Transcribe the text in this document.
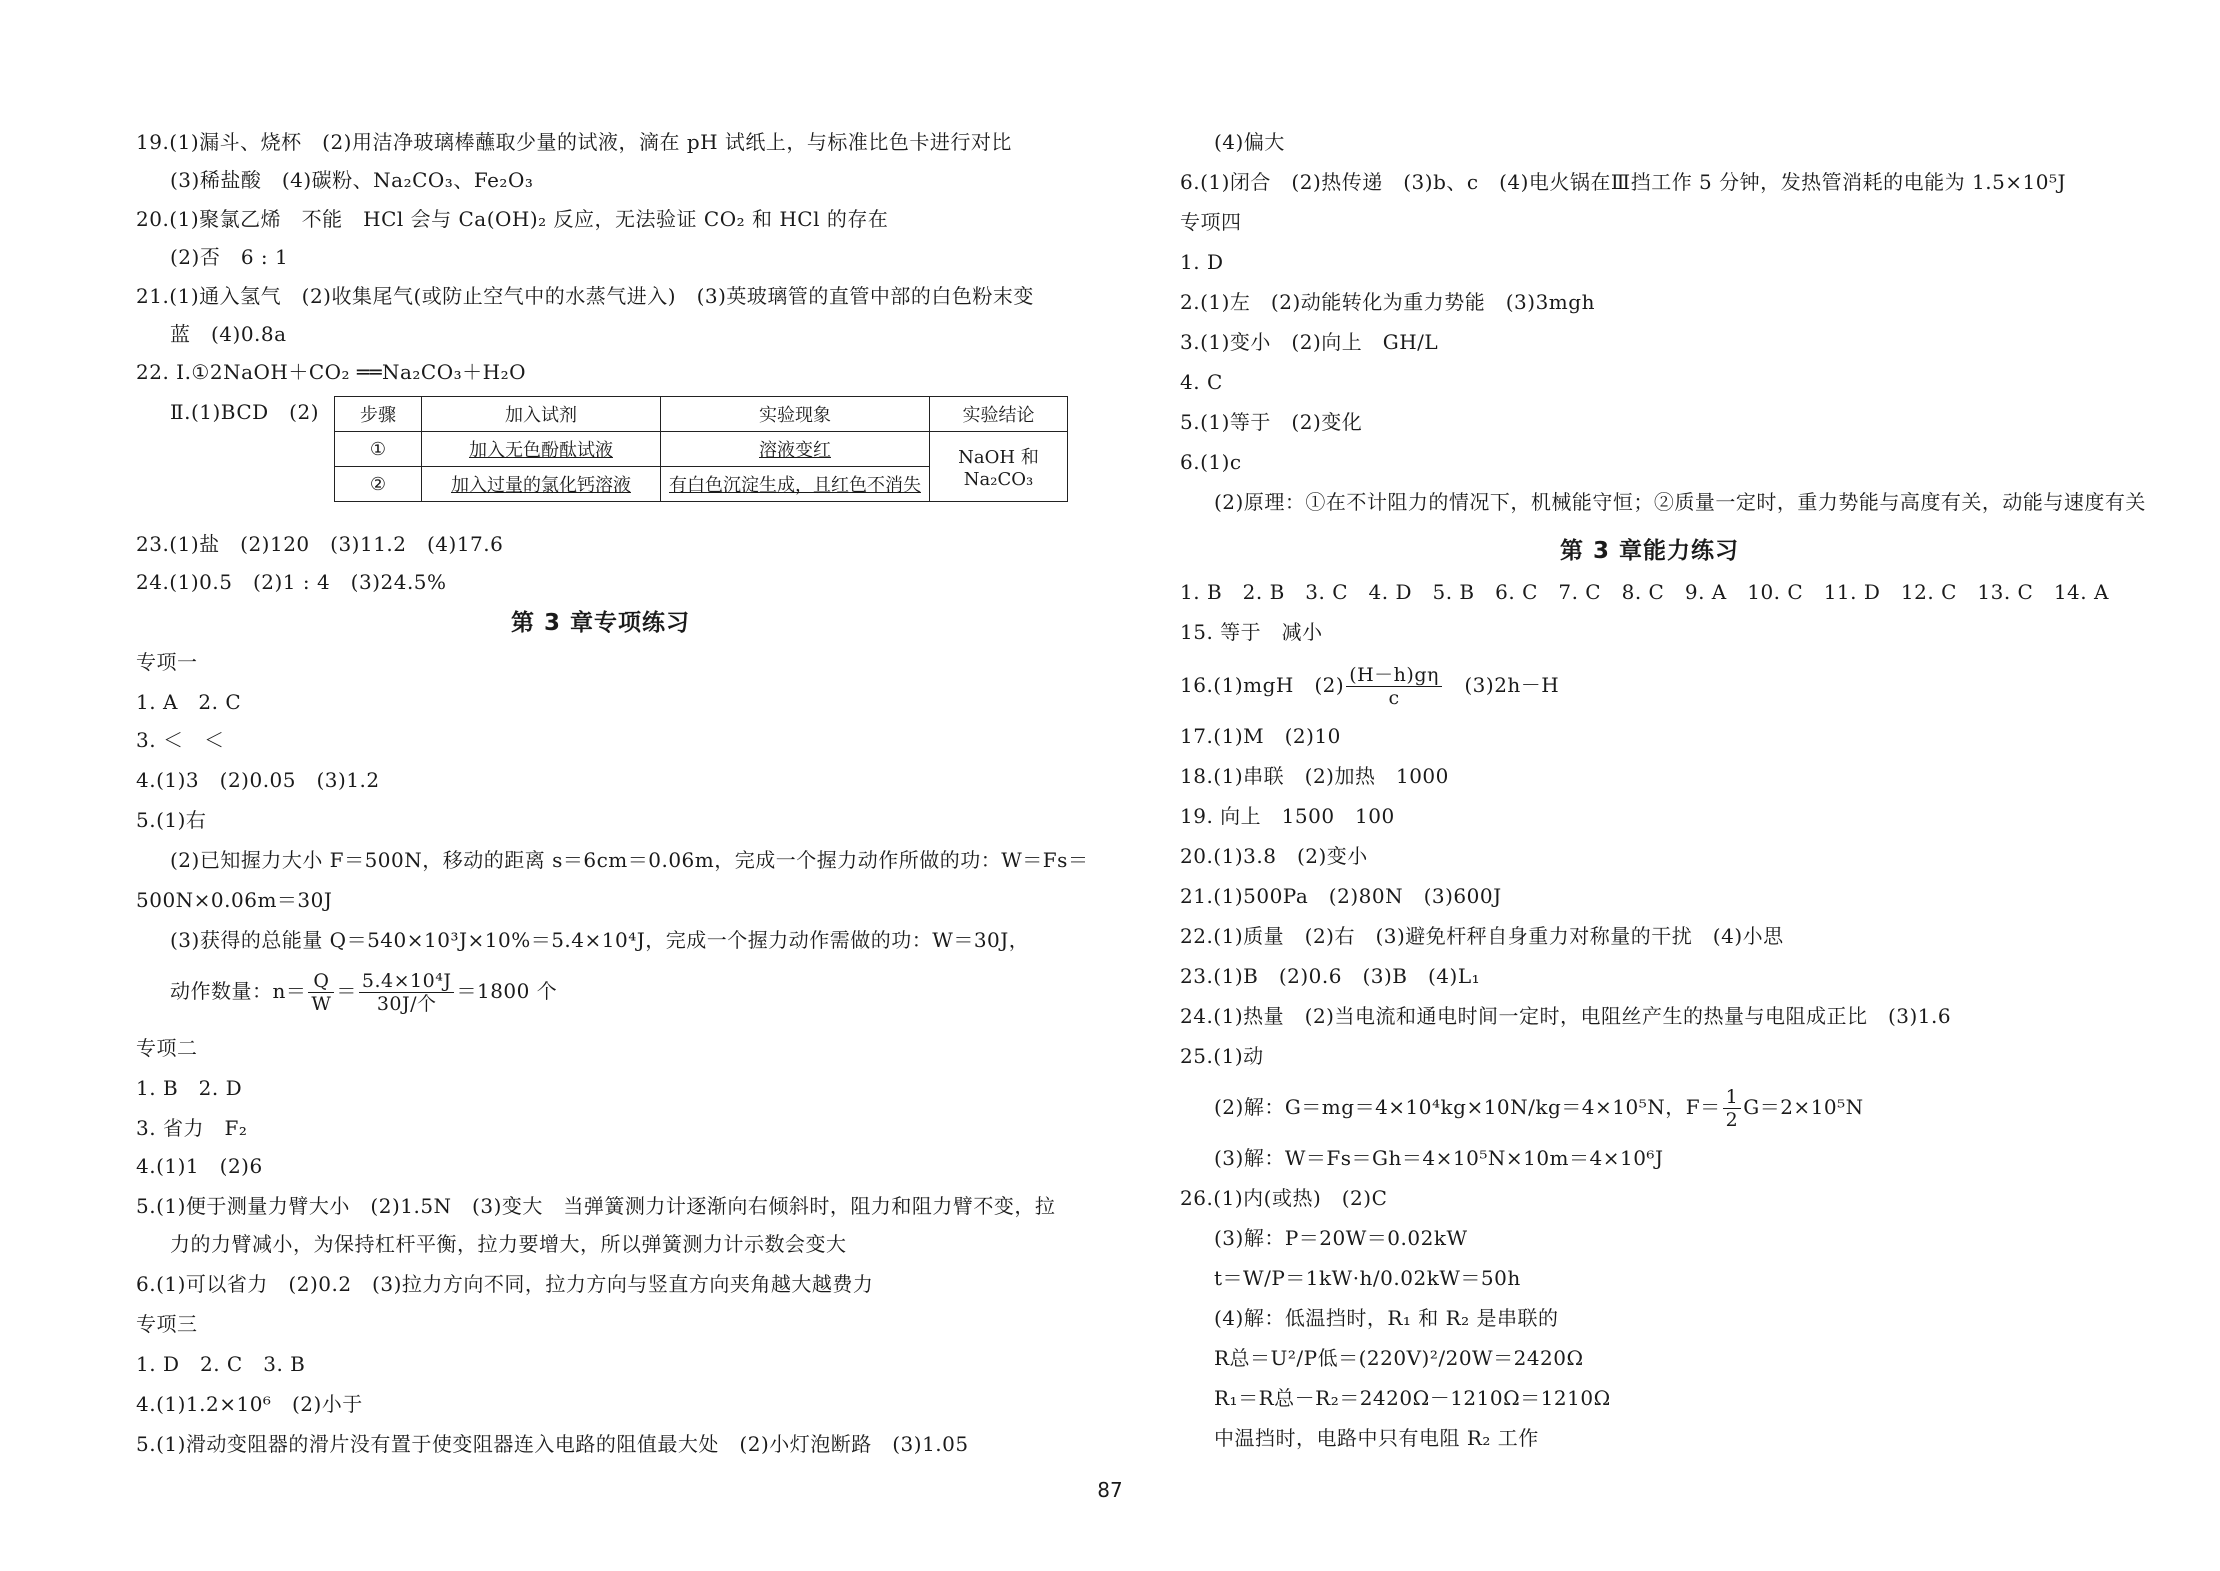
19.(1)漏斗、烧杯　(2)用洁净玻璃棒蘸取少量的试液，滴在 pH 试纸上，与标准比色卡进行对比
(3)稀盐酸　(4)碳粉、Na₂CO₃、Fe₂O₃
20.(1)聚氯乙烯　不能　HCl 会与 Ca(OH)₂ 反应，无法验证 CO₂ 和 HCl 的存在
(2)否　6 : 1
21.(1)通入氢气　(2)收集尾气(或防止空气中的水蒸气进入)　(3)英玻璃管的直管中部的白色粉末变
蓝　(4)0.8a
22. Ⅰ.①2NaOH＋CO₂ ══Na₂CO₃＋H₂O
Ⅱ.(1)BCD　(2) 步骤	加入试剂	实验现象	实验结论
①	加入无色酚酞试液	溶液变红	NaOH 和 Na₂CO₃
②	加入过量的氯化钙溶液	有白色沉淀生成，且红色不消失	
23.(1)盐　(2)120　(3)11.2　(4)17.6
24.(1)0.5　(2)1 : 4　(3)24.5%
第 3 章专项练习
专项一
1. A　2. C
3. ＜　＜
4.(1)3　(2)0.05　(3)1.2
5.(1)右
(2)已知握力大小 F＝500N，移动的距离 s＝6cm＝0.06m，完成一个握力动作所做的功：W＝Fs＝
500N×0.06m＝30J
(3)获得的总能量 Q＝540×10³J×10%＝5.4×10⁴J，完成一个握力动作需做的功：W＝30J，
动作数量：$n= \frac{Q}{W} = \frac{\text{5.4×10⁴J}}{\text{30J/个}} =1800$ 个
专项二
1. B　2. D
3. 省力　F₂
4.(1)1　(2)6
5.(1)便于测量力臂大小　(2)1.5N　(3)变大　当弹簧测力计逐渐向右倾斜时，阻力和阻力臂不变，拉
力的力臂减小，为保持杠杆平衡，拉力要增大，所以弹簧测力计示数会变大
6.(1)可以省力　(2)0.2　(3)拉力方向不同，拉力方向与竖直方向夹角越大越费力
专项三
1. D　2. C　3. B
4.(1)1.2×10⁶　(2)小于
5.(1)滑动变阻器的滑片没有置于使变阻器连入电路的阻值最大处　(2)小灯泡断路　(3)1.05
(4)偏大
6.(1)闭合　(2)热传递　(3)b、c　(4)电火锅在Ⅲ挡工作 5 分钟，发热管消耗的电能为 1.5×10⁵J
专项四
1. D
2.(1)左　(2)动能转化为重力势能　(3)3mgh
3.(1)变小　(2)向上　GH/L
4. C
5.(1)等于　(2)变化
6.(1)c
(2)原理：①在不计阻力的情况下，机械能守恒；②质量一定时，重力势能与高度有关，动能与速度有关
第 3 章能力练习
1. B　2. B　3. C　4. D　5. B　6. C　7. C　8. C　9. A　10. C　11. D　12. C　13. C　14. A
15. 等于　减小
16.(1)mgH　$(2) \frac{(H-h)g\eta}{c}$ 　(3)2h－H
17.(1)M　(2)10
18.(1)串联　(2)加热　1000
19. 向上　1500　100
20.(1)3.8　(2)变小
21.(1)500Pa　(2)80N　(3)600J
22.(1)质量　(2)右　(3)避免杆秤自身重力对称量的干扰　(4)小思
23.(1)B　(2)0.6　(3)B　(4)L₁
24.(1)热量　(2)当电流和通电时间一定时，电阻丝产生的热量与电阻成正比　(3)1.6
25.(1)动
(2)解：G＝mg＝4×10⁴kg×10N/kg＝4×10⁵N，$F= \frac{1}{2} G=2\times 10^5N$
(3)解：W＝Fs＝Gh＝4×10⁵N×10m＝4×10⁶J
26.(1)内(或热)　(2)C
(3)解：P＝20W＝0.02kW
t＝W/P＝1kW·h/0.02kW＝50h
(4)解：低温挡时，R₁ 和 R₂ 是串联的
R总＝U²/P低＝(220V)²/20W＝2420Ω
R₁＝R总－R₂＝2420Ω－1210Ω＝1210Ω
中温挡时，电路中只有电阻 R₂ 工作
87
